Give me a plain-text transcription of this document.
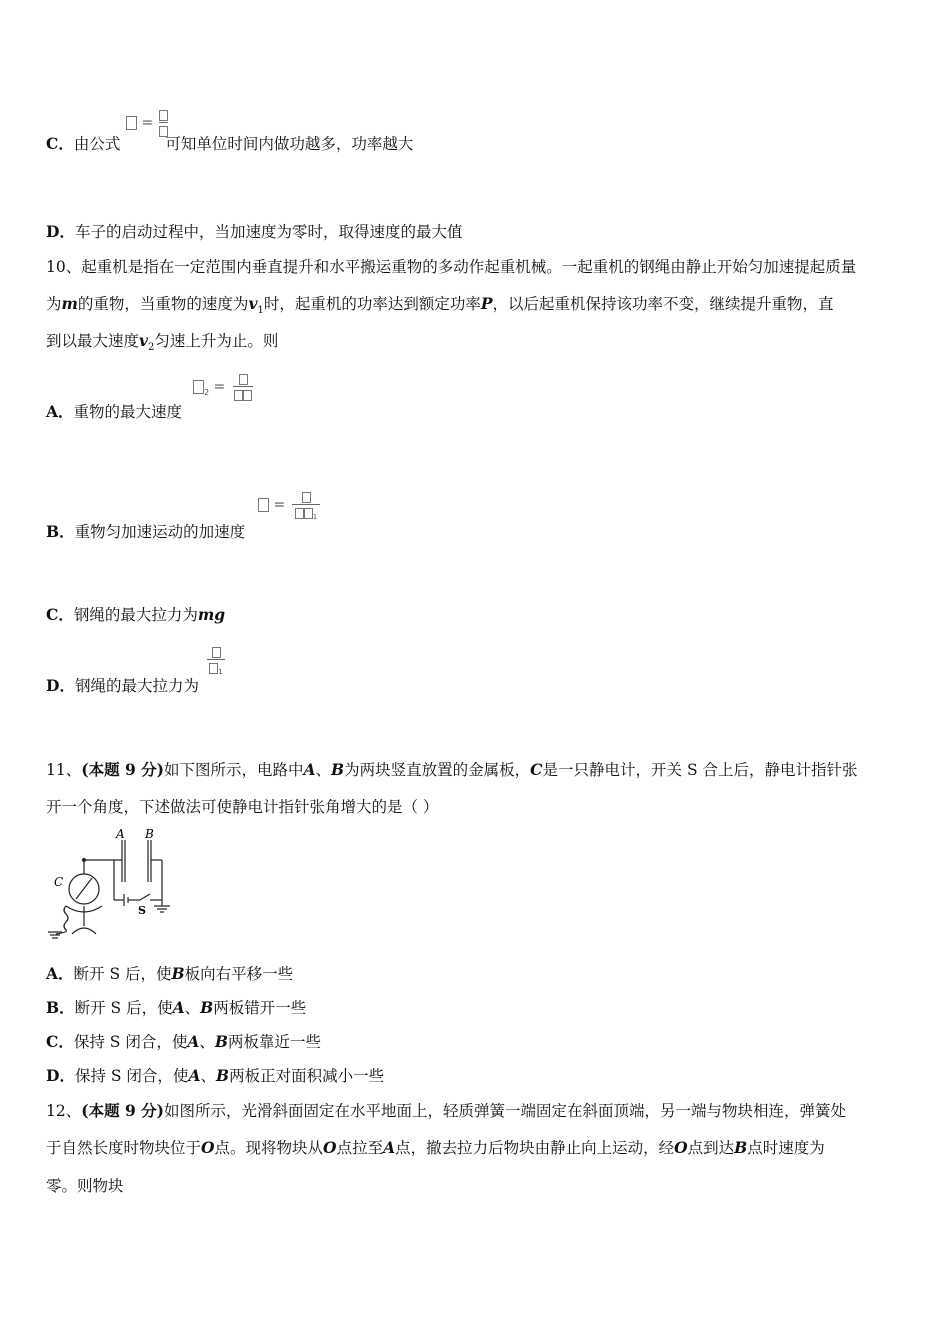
=
C．由公式	可知单位时间内做功越多，功率越大
D．车子的启动过程中，当加速度为零时，取得速度的最大值
10、起重机是指在一定范围内垂直提升和水平搬运重物的多动作起重机械。一起重机的钢绳由静止开始匀加速提起质量
为m的重物，当重物的速度为$v_1$时，起重机的功率达到额定功率P，以后起重机保持该功率不变，继续提升重物，直
到以最大速度$v_2$匀速上升为止。则
$_2$ =
A．重物的最大速度
=
$_1$
B．重物匀加速运动的加速度
C．钢绳的最大拉力为mg
$_1$
D．钢绳的最大拉力为
11、(本题 9 分)如下图所示，电路中A、B为两块竖直放置的金属板，C是一只静电计，开关 S 合上后，静电计指针张
开一个角度，下述做法可使静电计指针张角增大的是（ ）
A B
C
S
A．断开 S 后，使B板向右平移一些
B．断开 S 后，使A、B两板错开一些
C．保持 S 闭合，使A、B两板靠近一些
D．保持 S 闭合，使A、B两板正对面积减小一些
12、(本题 9 分)如图所示，光滑斜面固定在水平地面上，轻质弹簧一端固定在斜面顶端，另一端与物块相连，弹簧处
于自然长度时物块位于O点。现将物块从O点拉至A点，撤去拉力后物块由静止向上运动，经O点到达B点时速度为
零。则物块
